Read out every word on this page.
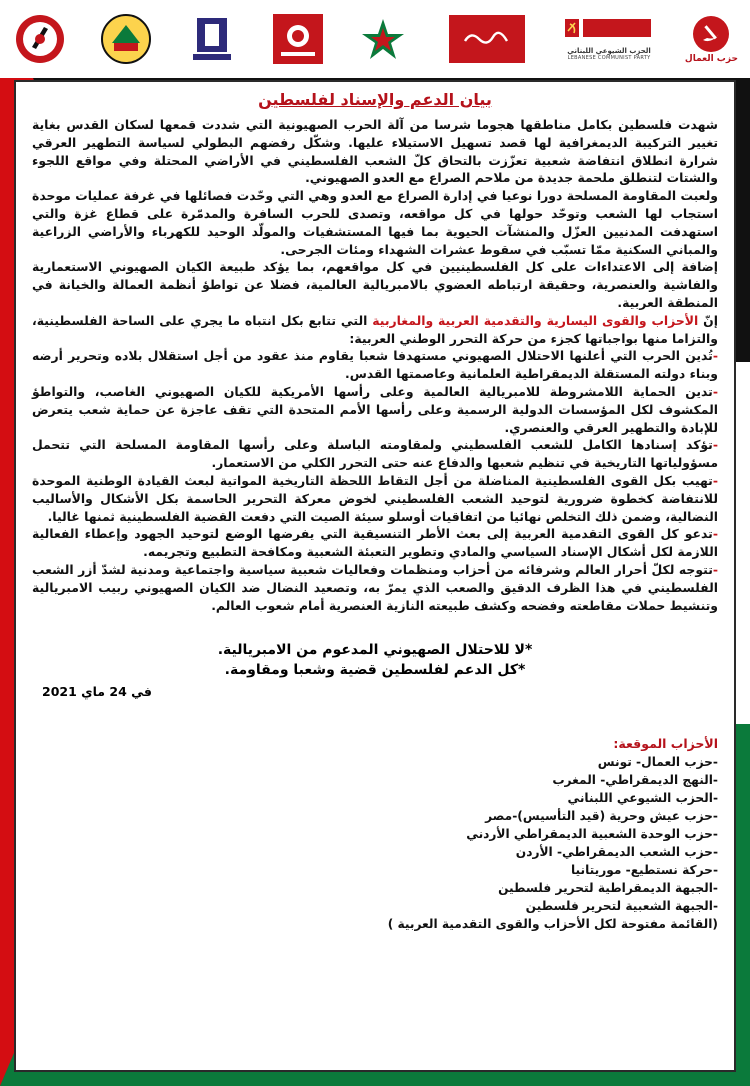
حزب العمال
الحزب الشيوعي اللبناني
LEBANESE COMMUNIST PARTY
بيان الدعم والإسناد لفلسطين

شهدت فلسطين بكامل مناطقها هجوما شرسا من آلة الحرب الصهيونية التي شددت قمعها لسكان القدس بغاية تغيير التركيبة الديمغرافية لها قصد تسهيل الاستيلاء عليها. وشكّل رفضهم البطولي لسياسة التطهير العرقي شرارة انطلاق انتفاضة شعبية تعزّزت بالتحاق كلّ الشعب الفلسطيني في الأراضي المحتلة وفي مواقع اللجوء والشتات لتنطلق ملحمة جديدة من ملاحم الصراع مع العدو الصهيوني.

ولعبت المقاومة المسلحة دورا نوعيا في إدارة الصراع مع العدو وهي التي وحّدت فصائلها في غرفة عمليات موحدة استجاب لها الشعب وتوحّد حولها في كل مواقعه، وتصدى للحرب السافرة والمدمّرة على قطاع غزة والتي استهدفت المدنيين العزّل والمنشآت الحيوية بما فيها المستشفيات والمولّد الوحيد للكهرباء والأراضي الزراعية والمباني السكنية ممّا تسبّب في سقوط عشرات الشهداء ومئات الجرحى.

إضافة إلى الاعتداءات على كل الفلسطينيين في كل مواقعهم، بما يؤكد طبيعة الكيان الصهيوني الاستعمارية والفاشية والعنصرية، وحقيقة ارتباطه العضوي بالامبريالية العالمية، فضلا عن تواطؤ أنظمة العمالة والخيانة في المنطقة العربية.

إنّ الأحزاب والقوى اليسارية والتقدمية العربية والمغاربية التي تتابع بكل انتباه ما يجري على الساحة الفلسطينية، والتزاما منها بواجباتها كجزء من حركة التحرر الوطني العربية:

-تُدين الحرب التي أعلنها الاحتلال الصهيوني مستهدفا شعبا يقاوم منذ عقود من أجل استقلال بلاده وتحرير أرضه وبناء دولته المستقلة الديمقراطية العلمانية وعاصمتها القدس.

-تدين الحماية اللامشروطة للامبريالية العالمية وعلى رأسها الأمريكية للكيان الصهيوني الغاصب، والتواطؤ المكشوف لكل المؤسسات الدولية الرسمية وعلى رأسها الأمم المتحدة التي تقف عاجزة عن حماية شعب يتعرض للإبادة والتطهير العرقي والعنصري.

-تؤكد إسنادها الكامل للشعب الفلسطيني ولمقاومته الباسلة وعلى رأسها المقاومة المسلحة التي تتحمل مسؤولياتها التاريخية في تنظيم شعبها والدفاع عنه حتى التحرر الكلي من الاستعمار.

-تهيب بكل القوى الفلسطينية المناضلة من أجل التقاط اللحظة التاريخية المواتية لبعث القيادة الوطنية الموحدة للانتفاضة كخطوة ضرورية لتوحيد الشعب الفلسطيني لخوض معركة التحرير الحاسمة بكل الأشكال والأساليب النضالية، وضمن ذلك التخلص نهائيا من اتفاقيات أوسلو سيئة الصيت التي دفعت القضية الفلسطينية ثمنها غاليا.

-تدعو كل القوى التقدمية العربية إلى بعث الأطر التنسيقية التي يفرضها الوضع لتوحيد الجهود وإعطاء الفعالية اللازمة لكل أشكال الإسناد السياسي والمادي وتطوير التعبئة الشعبية ومكافحة التطبيع وتجريمه.

-تتوجه لكلّ أحرار العالم وشرفائه من أحزاب ومنظمات وفعاليات شعبية سياسية واجتماعية ومدنية لشدّ أزر الشعب الفلسطيني في هذا الظرف الدقيق والصعب الذي يمرّ به، وتصعيد النضال ضد الكيان الصهيوني ربيب الامبريالية وتنشيط حملات مقاطعته وفضحه وكشف طبيعته النازية العنصرية أمام شعوب العالم.

*لا للاحتلال الصهيوني المدعوم من الامبريالية.
*كل الدعم لفلسطين قضية وشعبا ومقاومة.
في 24 ماي 2021
الأحزاب الموقعة:
-حزب العمال- تونس
-النهج الديمقراطي- المغرب
-الحزب الشيوعي اللبناني
-حزب عيش وحرية (قيد التأسيس)-مصر
-حزب الوحدة الشعبية الديمقراطي الأردني
-حزب الشعب الديمقراطي- الأردن
-حركة نستطيع- موريتانيا
-الجبهة الديمقراطية لتحرير فلسطين
-الجبهة الشعبية لتحرير فلسطين
(القائمة مفتوحة لكل الأحزاب والقوى التقدمية العربية )
